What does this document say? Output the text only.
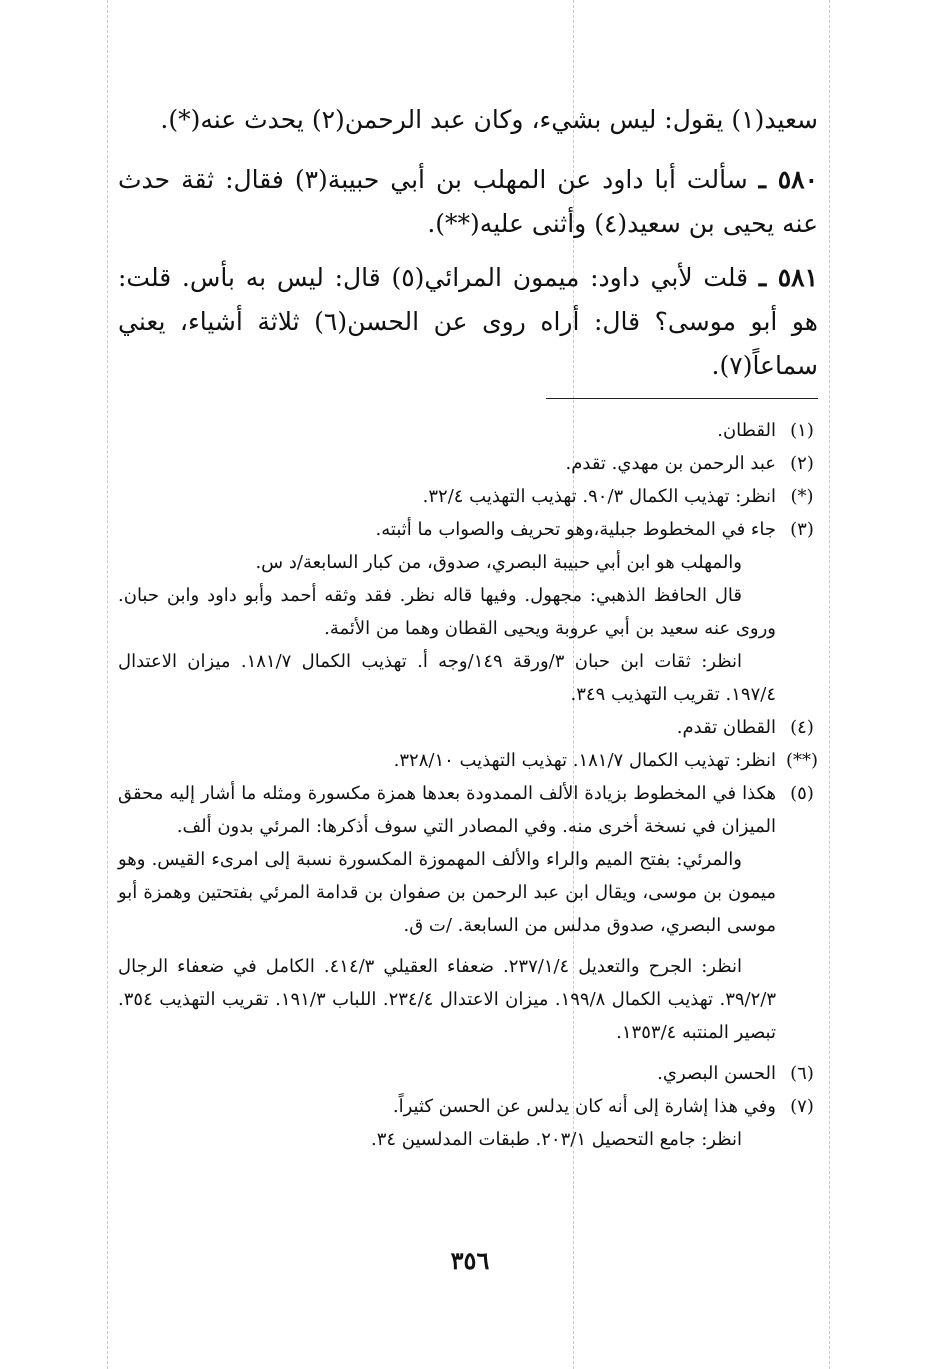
سعيد(١) يقول: ليس بشيء، وكان عبد الرحمن(٢) يحدث عنه(*).

٥٨٠ ـ سألت أبا داود عن المهلب بن أبي حبيبة(٣) فقال: ثقة حدث عنه يحيى بن سعيد(٤) وأثنى عليه(**).

٥٨١ ـ قلت لأبي داود: ميمون المرائي(٥) قال: ليس به بأس. قلت: هو أبو موسى؟ قال: أراه روى عن الحسن(٦) ثلاثة أشياء، يعني سماعاً(٧).

(١)
القطان.
(٢)
عبد الرحمن بن مهدي. تقدم.
(*)
انظر: تهذيب الكمال ٩٠/٣. تهذيب التهذيب ٣٢/٤.
(٣)
جاء في المخطوط جبلية،وهو تحريف والصواب ما أثبته.
والمهلب هو ابن أبي حبيبة البصري، صدوق، من كبار السابعة/د س.
قال الحافظ الذهبي: مجهول. وفيها قاله نظر. فقد وثقه أحمد وأبو داود وابن حبان. وروى عنه سعيد بن أبي عروبة ويحيى القطان وهما من الأئمة.
انظر: ثقات ابن حبان ٣/ورقة ١٤٩/وجه أ. تهذيب الكمال ١٨١/٧. ميزان الاعتدال ١٩٧/٤. تقريب التهذيب ٣٤٩.
(٤)
القطان تقدم.
(**)
انظر: تهذيب الكمال ١٨١/٧. تهذيب التهذيب ٣٢٨/١٠.
(٥)
هكذا في المخطوط بزيادة الألف الممدودة بعدها همزة مكسورة ومثله ما أشار إليه محقق الميزان في نسخة أخرى منه. وفي المصادر التي سوف أذكرها: المرئي بدون ألف.
والمرئي: بفتح الميم والراء والألف المهموزة المكسورة نسبة إلى امرىء القيس. وهو ميمون بن موسى، ويقال ابن عبد الرحمن بن صفوان بن قدامة المرئي بفتحتين وهمزة أبو موسى البصري، صدوق مدلس من السابعة. /ت ق.
انظر: الجرح والتعديل ٢٣٧/١/٤. ضعفاء العقيلي ٤١٤/٣. الكامل في ضعفاء الرجال ٣٩/٢/٣. تهذيب الكمال ١٩٩/٨. ميزان الاعتدال ٢٣٤/٤. اللباب ١٩١/٣. تقريب التهذيب ٣٥٤. تبصير المنتبه ١٣٥٣/٤.
(٦)
الحسن البصري.
(٧)
وفي هذا إشارة إلى أنه كان يدلس عن الحسن كثيراً.
انظر: جامع التحصيل ٢٠٣/١. طبقات المدلسين ٣٤.
٣٥٦
